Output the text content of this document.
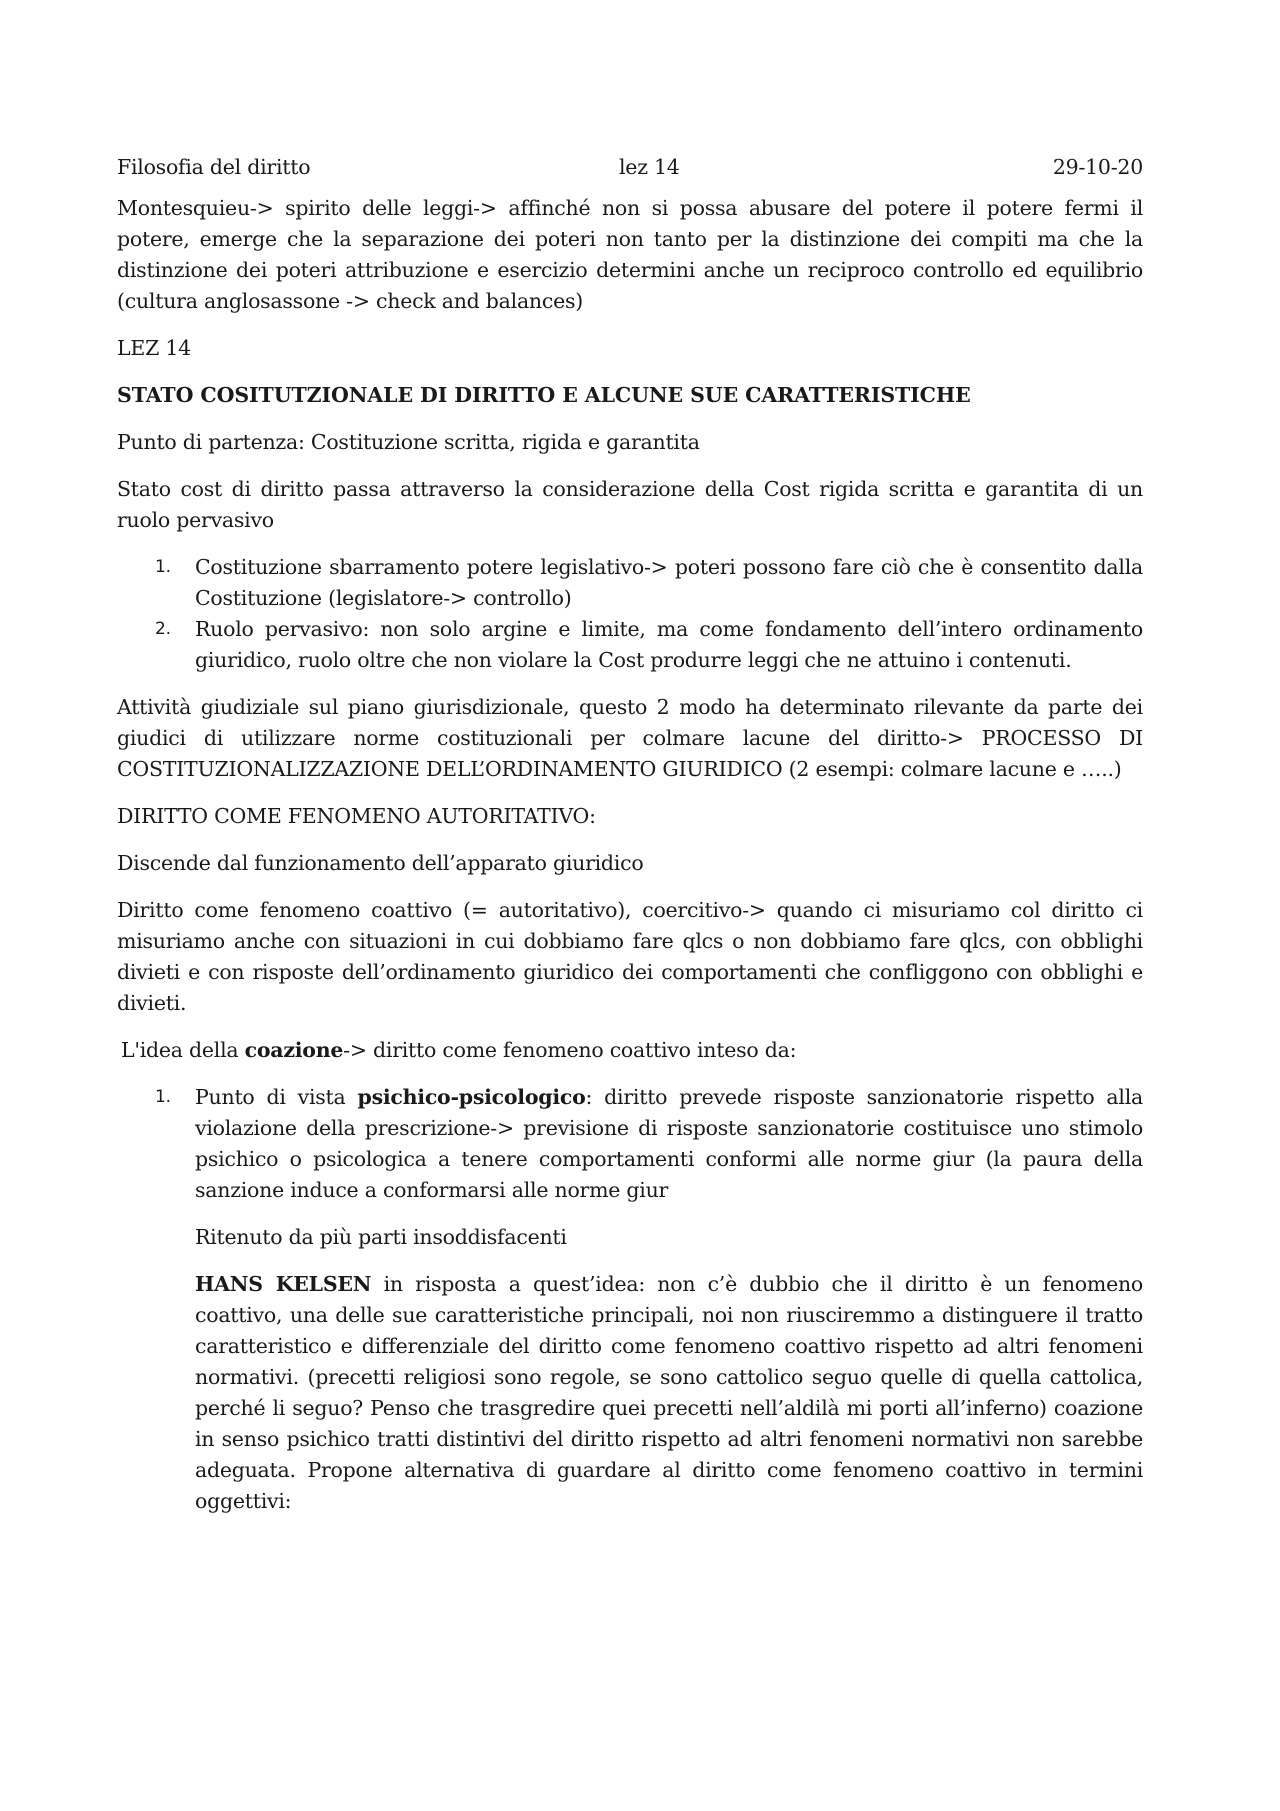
Filosofia del diritto	lez 14	29-10-20

Montesquieu-> spirito delle leggi-> affinché non si possa abusare del potere il potere fermi il potere, emerge che la separazione dei poteri non tanto per la distinzione dei compiti ma che la distinzione dei poteri attribuzione e esercizio determini anche un reciproco controllo ed equilibrio (cultura anglosassone -> check and balances)

LEZ 14

STATO COSITUTZIONALE DI DIRITTO E ALCUNE SUE CARATTERISTICHE

Punto di partenza: Costituzione scritta, rigida e garantita

Stato cost di diritto passa attraverso la considerazione della Cost rigida scritta e garantita di un ruolo pervasivo

1. Costituzione sbarramento potere legislativo-> poteri possono fare ciò che è consentito dalla Costituzione (legislatore-> controllo)
2. Ruolo pervasivo: non solo argine e limite, ma come fondamento dell’intero ordinamento giuridico, ruolo oltre che non violare la Cost produrre leggi che ne attuino i contenuti.

Attività giudiziale sul piano giurisdizionale, questo 2 modo ha determinato rilevante da parte dei giudici di utilizzare norme costituzionali per colmare lacune del diritto-> PROCESSO DI COSTITUZIONALIZZAZIONE DELL’ORDINAMENTO GIURIDICO (2 esempi: colmare lacune e …..)

DIRITTO COME FENOMENO AUTORITATIVO:

Discende dal funzionamento dell’apparato giuridico

Diritto come fenomeno coattivo (= autoritativo), coercitivo-> quando ci misuriamo col diritto ci misuriamo anche con situazioni in cui dobbiamo fare qlcs o non dobbiamo fare qlcs, con obblighi divieti e con risposte dell’ordinamento giuridico dei comportamenti che confliggono con obblighi e divieti.

L'idea della coazione-> diritto come fenomeno coattivo inteso da:

1. Punto di vista psichico-psicologico: diritto prevede risposte sanzionatorie rispetto alla violazione della prescrizione-> previsione di risposte sanzionatorie costituisce uno stimolo psichico o psicologica a tenere comportamenti conformi alle norme giur (la paura della sanzione induce a conformarsi alle norme giur

Ritenuto da più parti insoddisfacenti

HANS KELSEN in risposta a quest’idea: non c’è dubbio che il diritto è un fenomeno coattivo, una delle sue caratteristiche principali, noi non riusciremmo a distinguere il tratto caratteristico e differenziale del diritto come fenomeno coattivo rispetto ad altri fenomeni normativi. (precetti religiosi sono regole, se sono cattolico seguo quelle di quella cattolica, perché li seguo? Penso che trasgredire quei precetti nell’aldilà mi porti all’inferno) coazione in senso psichico tratti distintivi del diritto rispetto ad altri fenomeni normativi non sarebbe adeguata. Propone alternativa di guardare al diritto come fenomeno coattivo in termini oggettivi:
